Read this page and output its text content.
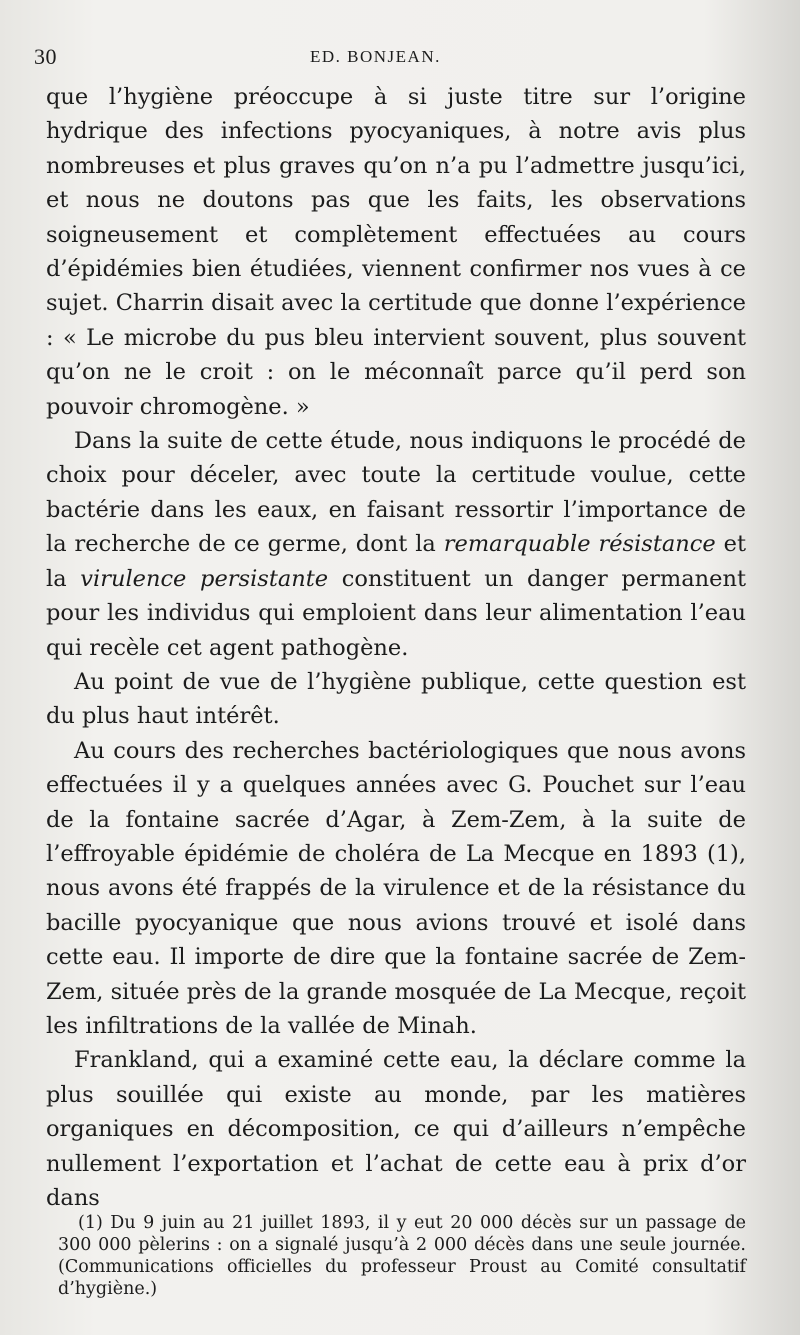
30	ED. BONJEAN.

que l’hygiène préoccupe à si juste titre sur l’origine hydrique des infections pyocyaniques, à notre avis plus nombreuses et plus graves qu’on n’a pu l’admettre jusqu’ici, et nous ne doutons pas que les faits, les observations soigneusement et complètement effectuées au cours d’épidémies bien étudiées, viennent confirmer nos vues à ce sujet. Charrin disait avec la certitude que donne l’expérience : « Le microbe du pus bleu intervient souvent, plus souvent qu’on ne le croit : on le méconnaît parce qu’il perd son pouvoir chromogène. »

Dans la suite de cette étude, nous indiquons le procédé de choix pour déceler, avec toute la certitude voulue, cette bactérie dans les eaux, en faisant ressortir l’importance de la recherche de ce germe, dont la remarquable résistance et la virulence persistante constituent un danger permanent pour les individus qui emploient dans leur alimentation l’eau qui recèle cet agent pathogène.

Au point de vue de l’hygiène publique, cette question est du plus haut intérêt.

Au cours des recherches bactériologiques que nous avons effectuées il y a quelques années avec G. Pouchet sur l’eau de la fontaine sacrée d’Agar, à Zem-Zem, à la suite de l’effroyable épidémie de choléra de La Mecque en 1893 (1), nous avons été frappés de la virulence et de la résistance du bacille pyocyanique que nous avions trouvé et isolé dans cette eau. Il importe de dire que la fontaine sacrée de Zem-Zem, située près de la grande mosquée de La Mecque, reçoit les infiltrations de la vallée de Minah.

Frankland, qui a examiné cette eau, la déclare comme la plus souillée qui existe au monde, par les matières organiques en décomposition, ce qui d’ailleurs n’empêche nullement l’exportation et l’achat de cette eau à prix d’or dans

(1) Du 9 juin au 21 juillet 1893, il y eut 20 000 décès sur un passage de 300 000 pèlerins : on a signalé jusqu’à 2 000 décès dans une seule journée. (Communications officielles du professeur Proust au Comité consultatif d’hygiène.)
